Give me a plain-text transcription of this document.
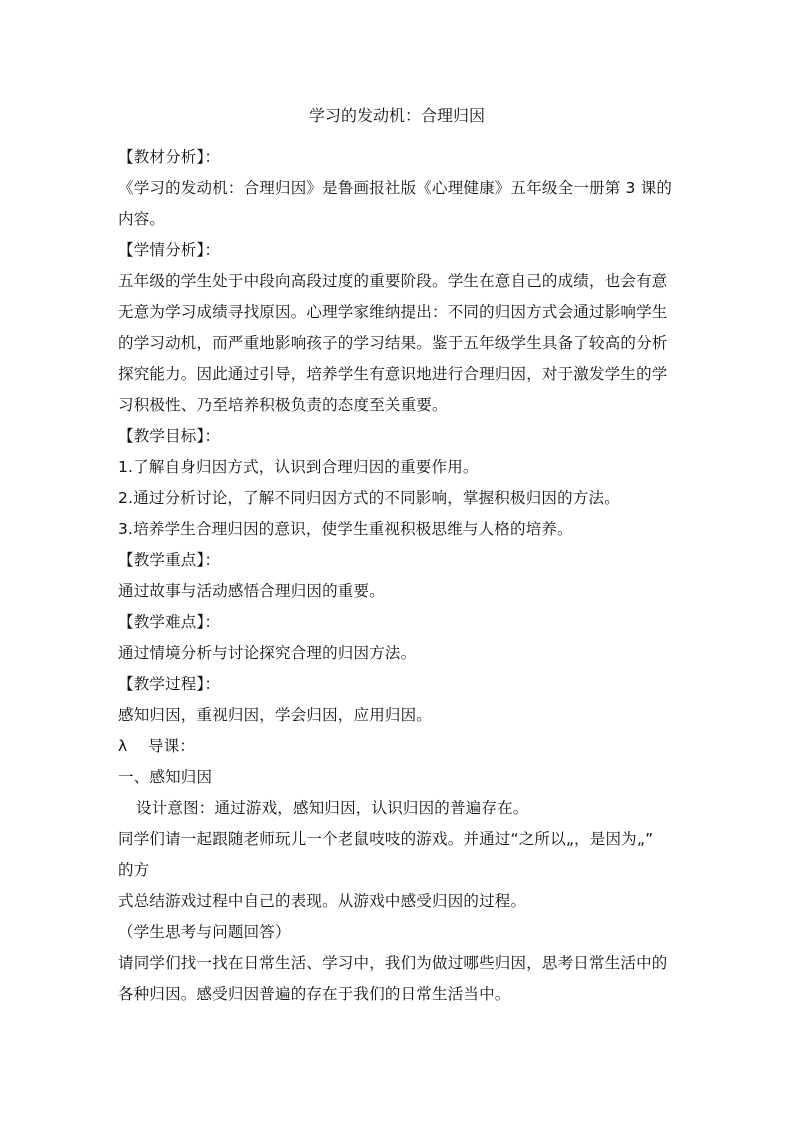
学习的发动机：合理归因
【教材分析】：
《学习的发动机：合理归因》是鲁画报社版《心理健康》五年级全一册第 3 课的
内容。
【学情分析】：
五年级的学生处于中段向高段过度的重要阶段。学生在意自己的成绩，也会有意
无意为学习成绩寻找原因。心理学家维纳提出：不同的归因方式会通过影响学生
的学习动机，而严重地影响孩子的学习结果。鉴于五年级学生具备了较高的分析
探究能力。因此通过引导，培养学生有意识地进行合理归因，对于激发学生的学
习积极性、乃至培养积极负责的态度至关重要。
【教学目标】：
1.了解自身归因方式，认识到合理归因的重要作用。
2.通过分析讨论，了解不同归因方式的不同影响，掌握积极归因的方法。
3.培养学生合理归因的意识，使学生重视积极思维与人格的培养。
【教学重点】：
通过故事与活动感悟合理归因的重要。
【教学难点】：
通过情境分析与讨论探究合理的归因方法。
【教学过程】：
感知归因，重视归因，学会归因，应用归因。
λ 导课：
一、感知归因
设计意图：通过游戏，感知归因，认识归因的普遍存在。
同学们请一起跟随老师玩儿一个老鼠吱吱的游戏。并通过“之所以„，是因为„”
的方
式总结游戏过程中自己的表现。从游戏中感受归因的过程。
（学生思考与问题回答）
请同学们找一找在日常生活、学习中，我们为做过哪些归因，思考日常生活中的
各种归因。感受归因普遍的存在于我们的日常生活当中。
